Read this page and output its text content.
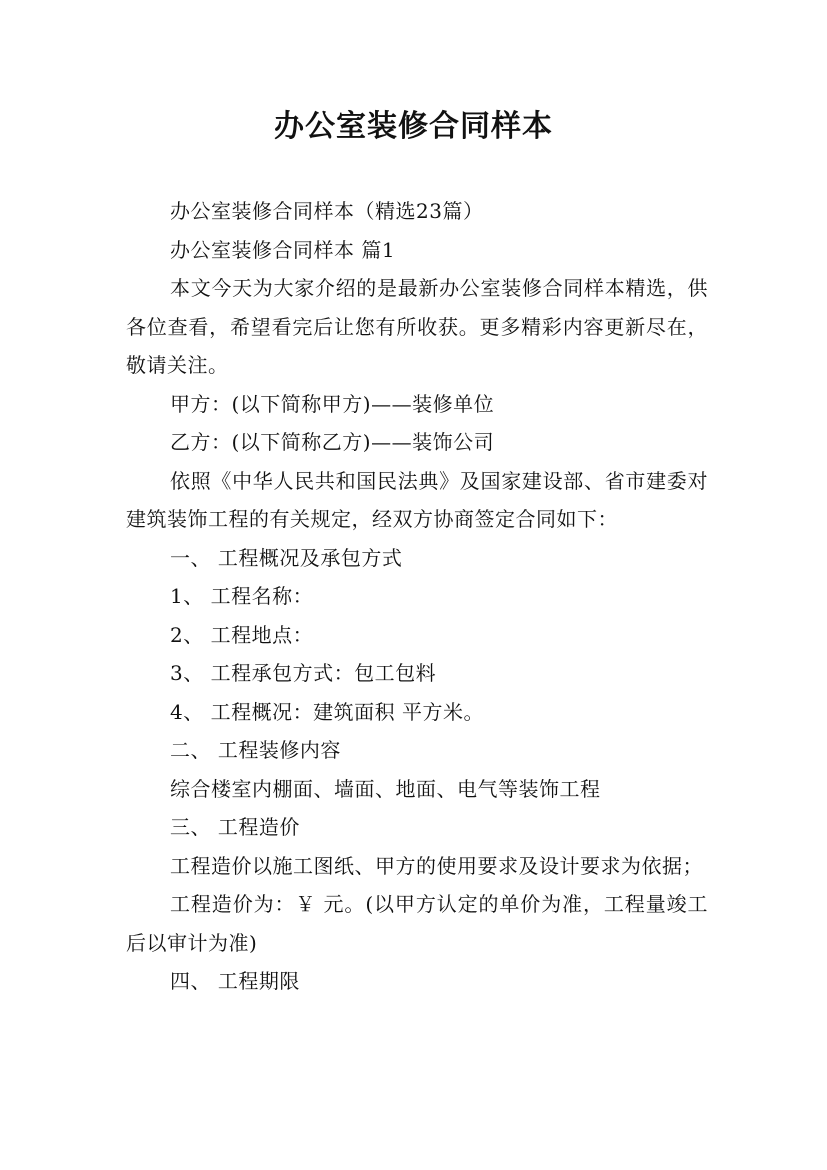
办公室装修合同样本

办公室装修合同样本（精选23篇）

办公室装修合同样本 篇1

本文今天为大家介绍的是最新办公室装修合同样本精选，供各位查看，希望看完后让您有所收获。更多精彩内容更新尽在，敬请关注。

甲方：(以下简称甲方)——装修单位

乙方：(以下简称乙方)——装饰公司

依照《中华人民共和国民法典》及国家建设部、省市建委对建筑装饰工程的有关规定，经双方协商签定合同如下：

一、 工程概况及承包方式

1、 工程名称：

2、 工程地点：

3、 工程承包方式：包工包料

4、 工程概况：建筑面积 平方米。

二、 工程装修内容

综合楼室内棚面、墙面、地面、电气等装饰工程

三、 工程造价

工程造价以施工图纸、甲方的使用要求及设计要求为依据；

工程造价为：￥ 元。(以甲方认定的单价为准，工程量竣工后以审计为准)

四、 工程期限
